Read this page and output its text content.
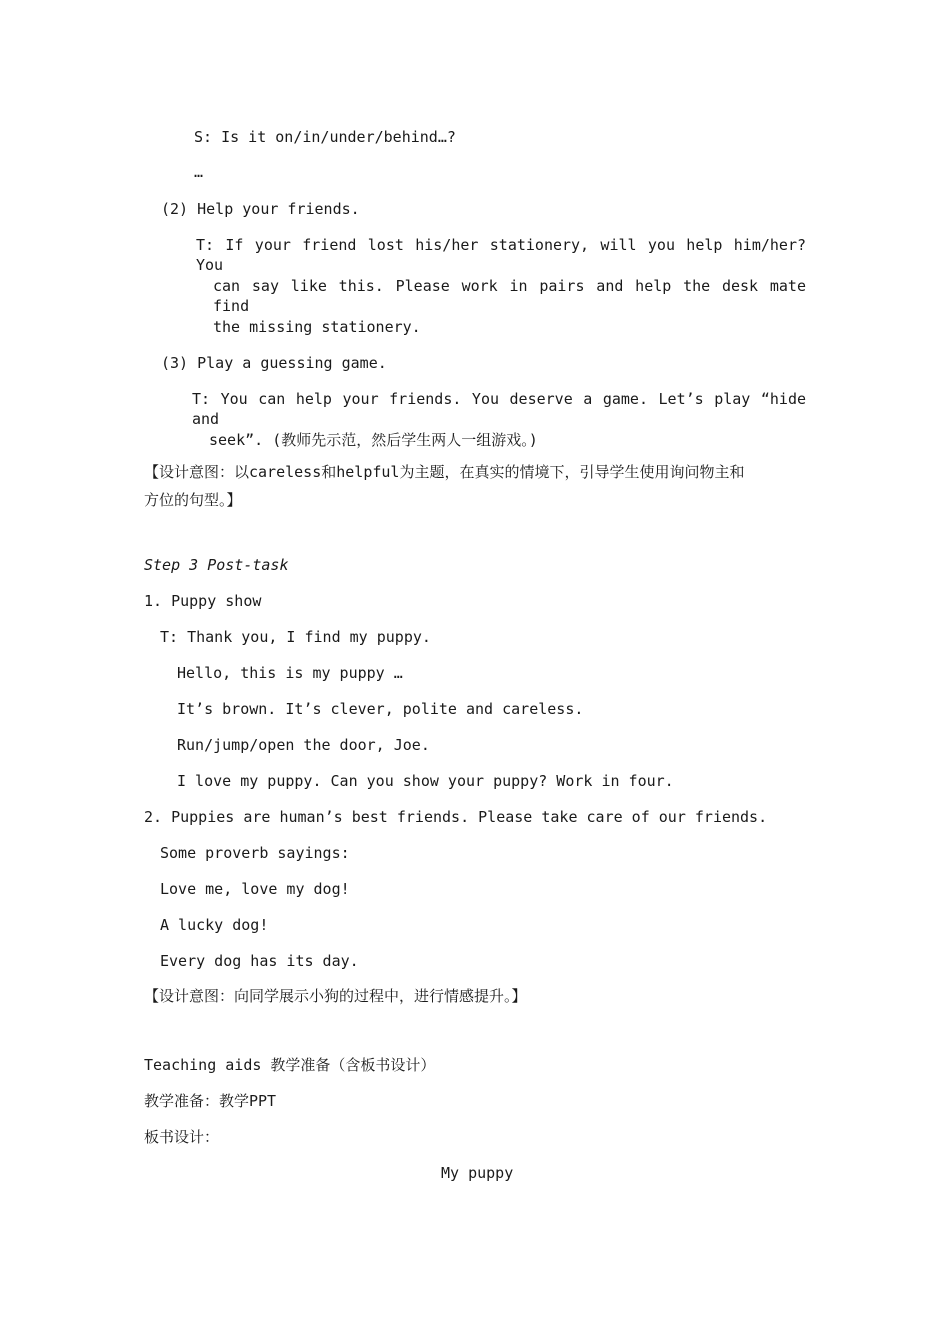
S: Is it on/in/under/behind…?
…
(2) Help your friends.
T: If your friend lost his/her stationery, will you help him/her? You
can say like this. Please work in pairs and help the desk mate find
the missing stationery.
(3) Play a guessing game.
T: You can help your friends. You deserve a game. Let’s play “hide and
seek”. (教师先示范，然后学生两人一组游戏。)
【设计意图：以careless和helpful为主题，在真实的情境下，引导学生使用询问物主和
方位的句型。】
Step 3 Post-task
1. Puppy show
T: Thank you, I find my puppy.
Hello, this is my puppy …
It’s brown. It’s clever, polite and careless.
Run/jump/open the door, Joe.
I love my puppy. Can you show your puppy? Work in four.
2. Puppies are human’s best friends. Please take care of our friends.
Some proverb sayings:
Love me, love my dog!
A lucky dog!
Every dog has its day.
【设计意图：向同学展示小狗的过程中，进行情感提升。】
Teaching aids 教学准备（含板书设计）
教学准备：教学PPT
板书设计：
My puppy
